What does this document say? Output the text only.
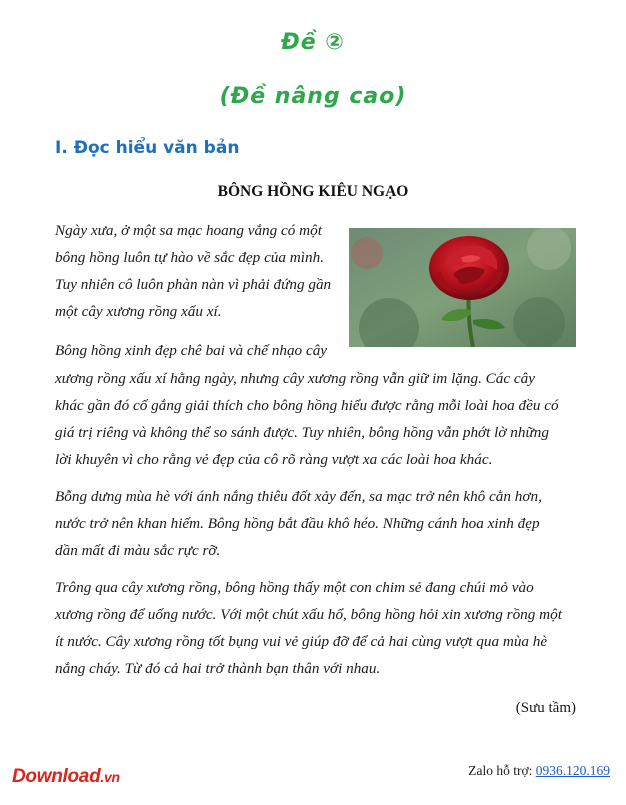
Đề ②
(Đề nâng cao)
I. Đọc hiểu văn bản
BÔNG HỒNG KIÊU NGẠO
Ngày xưa, ở một sa mạc hoang vắng có một
bông hồng luôn tự hào về sắc đẹp của mình.
Tuy nhiên cô luôn phàn nàn vì phải đứng gần
một cây xương rồng xấu xí.
Bông hồng xinh đẹp chê bai và chế nhạo cây
xương rồng xấu xí hằng ngày, nhưng cây xương rồng vẫn giữ im lặng. Các cây
khác gần đó cố gắng giải thích cho bông hồng hiểu được rằng mỗi loài hoa đều có
giá trị riêng và không thể so sánh được. Tuy nhiên, bông hồng vẫn phớt lờ những
lời khuyên vì cho rằng vẻ đẹp của cô rõ ràng vượt xa các loài hoa khác.
Bỗng dưng mùa hè với ánh nắng thiêu đốt xảy đến, sa mạc trở nên khô cằn hơn,
nước trở nên khan hiếm. Bông hồng bắt đầu khô héo. Những cánh hoa xinh đẹp
dần mất đi màu sắc rực rỡ.
Trông qua cây xương rồng, bông hồng thấy một con chim sẻ đang chúi mỏ vào
xương rồng để uống nước. Với một chút xấu hổ, bông hồng hỏi xin xương rồng một
ít nước. Cây xương rồng tốt bụng vui vẻ giúp đỡ để cả hai cùng vượt qua mùa hè
nắng cháy. Từ đó cả hai trở thành bạn thân với nhau.
(Sưu tầm)
Download.vn	Zalo hỗ trợ: 0936.120.169
